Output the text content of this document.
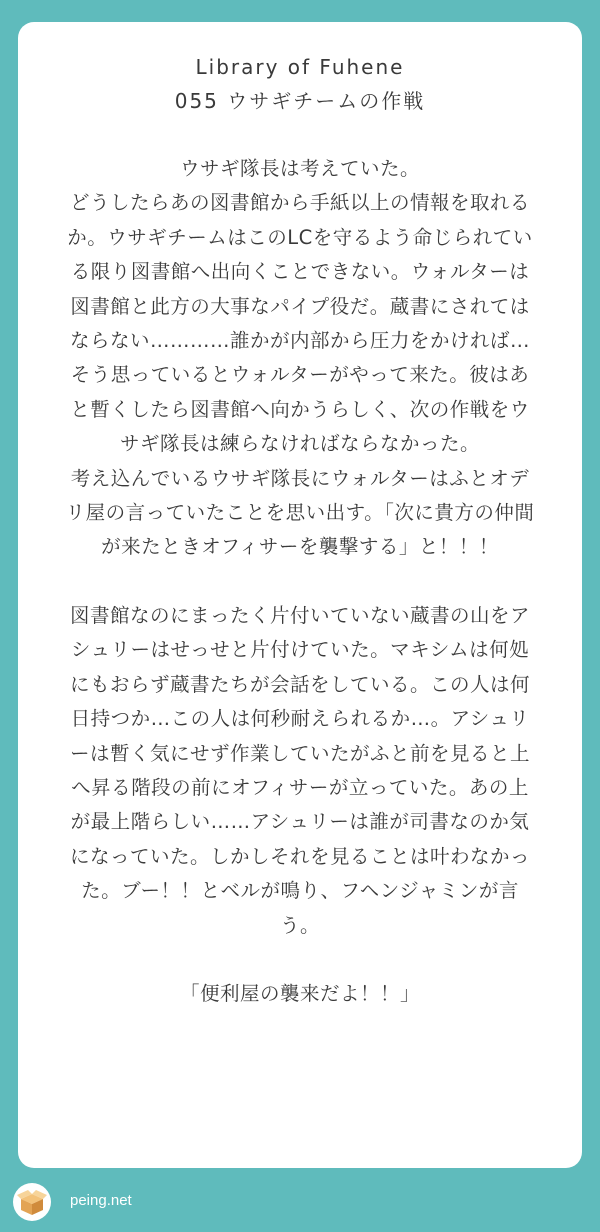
Library of Fuhene
055 ウサギチームの作戦

ウサギ隊長は考えていた。

どうしたらあの図書館から手紙以上の情報を取れるか。ウサギチームはこのLCを守るよう命じられている限り図書館へ出向くことできない。ウォルターは図書館と此方の大事なパイプ役だ。蔵書にされてはならない…………誰かが内部から圧力をかければ…そう思っているとウォルターがやって来た。彼はあと暫くしたら図書館へ向かうらしく、次の作戦をウサギ隊長は練らなければならなかった。

考え込んでいるウサギ隊長にウォルターはふとオデリ屋の言っていたことを思い出す。「次に貴方の仲間が来たときオフィサーを襲撃する」と！！！

図書館なのにまったく片付いていない蔵書の山をアシュリーはせっせと片付けていた。マキシムは何処にもおらず蔵書たちが会話をしている。この人は何日持つか…この人は何秒耐えられるか…。アシュリーは暫く気にせず作業していたがふと前を見ると上へ昇る階段の前にオフィサーが立っていた。あの上が最上階らしい……アシュリーは誰が司書なのか気になっていた。しかしそれを見ることは叶わなかった。ブー！！とベルが鳴り、フヘンジャミンが言う。

「便利屋の襲来だよ！！」

peing.net
